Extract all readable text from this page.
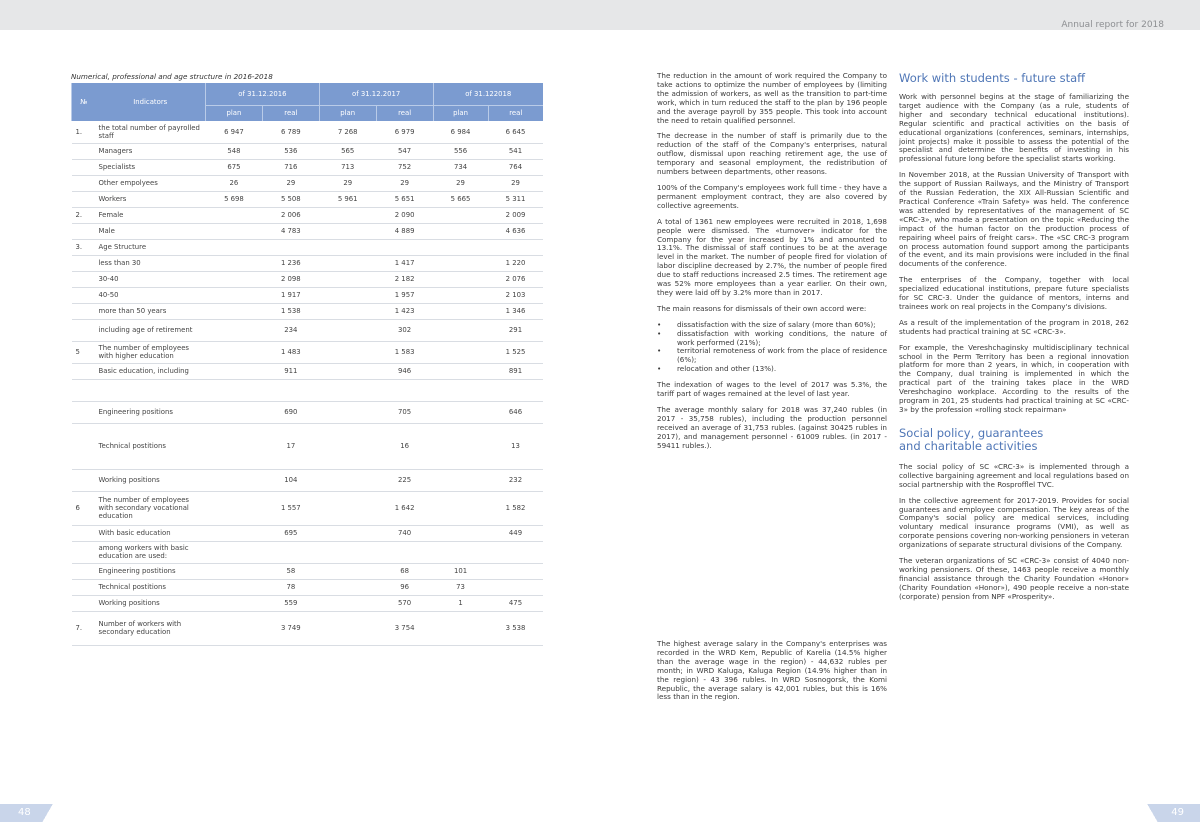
Annual report for 2018
Numerical, professional and age structure in 2016-2018
№	Indicators	of 31.12.2016		of 31.12.2017		of 31.122018	
		plan	real	plan	real	plan	real
1.	the total number of payrolled staff	6 947	6 789	7 268	6 979	6 984	6 645
	Managers	548	536	565	547	556	541
	Specialists	675	716	713	752	734	764
	Other empolyees	26	29	29	29	29	29
	Workers	5 698	5 508	5 961	5 651	5 665	5 311
2.	Female		2 006		2 090		2 009
	Male		4 783		4 889		4 636
3.	Age Structure						
	less than 30		1 236		1 417		1 220
	30-40		2 098		2 182		2 076
	40-50		1 917		1 957		2 103
	more than 50 years		1 538		1 423		1 346
	including age of retirement		234		302		291
5	The number of employees with higher education		1 483		1 583		1 525
	Basic education, including		911		946		891

	Engineering positions		690		705		646
	Technical postitions		17		16		13
	Working positions		104		225		232
6	The number of employees with secondary vocational education		1 557		1 642		1 582
	With basic education		695		740		449
	among workers with basic education are used:						
	Engineering postitions		58		68	101	
	Technical postitions		78		96	73	
	Working positions		559		570	1	475
7.	Number of workers with secondary education		3 749		3 754		3 538

The reduction in the amount of work required the Company to take actions to optimize the number of employees by (limiting the admission of workers, as well as the transition to part-time work, which in turn reduced the staff to the plan by 196 people and the average payroll by 355 people. This took into account the need to retain qualified personnel.

The decrease in the number of staff is primarily due to the reduction of the staff of the Company's enterprises, natural outflow, dismissal upon reaching retirement age, the use of temporary and seasonal employment, the redistribution of numbers between departments, other reasons.

100% of the Company's employees work full time - they have a permanent employment contract, they are also covered by collective agreements.

A total of 1361 new employees were recruited in 2018, 1,698 people were dismissed. The «turnover» indicator for the Company for the year increased by 1% and amounted to 13.1%. The dismissal of staff continues to be at the average level in the market. The number of people fired for violation of labor discipline decreased by 2.7%, the number of people fired due to staff reductions increased 2.5 times. The retirement age was 52% more employees than a year earlier. On their own, they were laid off by 3.2% more than in 2017.

The main reasons for dismissals of their own accord were:

• dissatisfaction with the size of salary (more than 60%);
• dissatisfaction with working conditions, the nature of work performed (21%);
• territorial remoteness of work from the place of residence (6%);
• relocation and other (13%).

The indexation of wages to the level of 2017 was 5.3%, the tariff part of wages remained at the level of last year.

The average monthly salary for 2018 was 37,240 rubles (in 2017 - 35,758 rubles), including the production personnel received an average of 31,753 rubles. (against 30425 rubles in 2017), and management personnel - 61009 rubles. (in 2017 - 59411 rubles.).

The highest average salary in the Company's enterprises was recorded in the WRD Kem, Republic of Karelia (14.5% higher than the average wage in the region) - 44,632 rubles per month; in WRD Kaluga, Kaluga Region (14.9% higher than in the region) - 43 396 rubles. In WRD Sosnogorsk, the Komi Republic, the average salary is 42,001 rubles, but this is 16% less than in the region.

Work with students - future staff

Work with personnel begins at the stage of familiarizing the target audience with the Company (as a rule, students of higher and secondary technical educational institutions). Regular scientific and practical activities on the basis of educational organizations (conferences, seminars, internships, joint projects) make it possible to assess the potential of the specialist and determine the benefits of investing in his professional future long before the specialist starts working.

In November 2018, at the Russian University of Transport with the support of Russian Railways, and the Ministry of Transport of the Russian Federation, the XIX All-Russian Scientific and Practical Conference «Train Safety» was held. The conference was attended by representatives of the management of SC «CRC-3», who made a presentation on the topic «Reducing the impact of the human factor on the production process of repairing wheel pairs of freight cars». The «SC CRC-3 program on process automation found support among the participants of the event, and its main provisions were included in the final documents of the conference.

The enterprises of the Company, together with local specialized educational institutions, prepare future specialists for SC CRC-3. Under the guidance of mentors, interns and trainees work on real projects in the Company's divisions.

As a result of the implementation of the program in 2018, 262 students had practical training at SC «CRC-3».

For example, the Vereshchaginsky multidisciplinary technical school in the Perm Territory has been a regional innovation platform for more than 2 years, in which, in cooperation with the Company, dual training is implemented in which the practical part of the training takes place in the WRD Vereshchagino workplace. According to the results of the program in 201, 25 students had practical training at SC «CRC-3» by the profession «rolling stock repairman»

Social policy, guarantees
and charitable activities

The social policy of SC «CRC-3» is implemented through a collective bargaining agreement and local regulations based on social partnership with the Rosprofflel TVC.

In the collective agreement for 2017-2019. Provides for social guarantees and employee compensation. The key areas of the Company's social policy are medical services, including voluntary medical insurance programs (VMI), as well as corporate pensions covering non-working pensioners in veteran organizations of separate structural divisions of the Company.

The veteran organizations of SC «CRC-3» consist of 4040 non-working pensioners. Of these, 1463 people receive a monthly financial assistance through the Charity Foundation «Honor» (Charity Foundation «Honor»), 490 people receive a non-state (corporate) pension from NPF «Prosperity».

48	49
